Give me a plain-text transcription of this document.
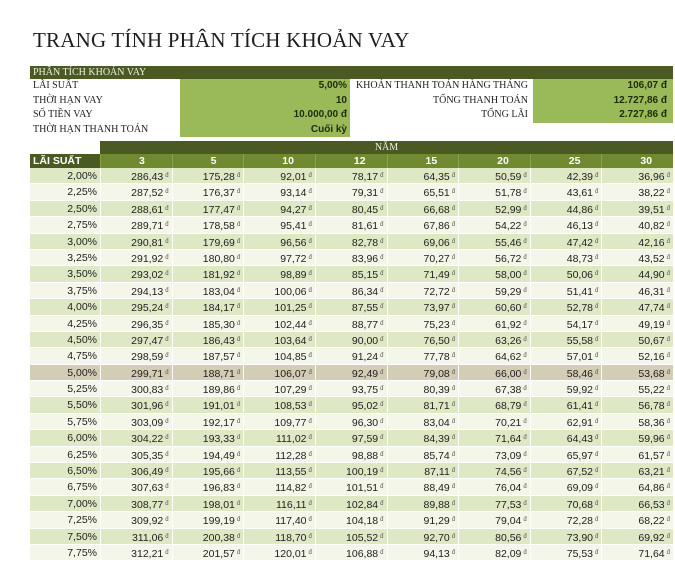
TRANG TÍNH PHÂN TÍCH KHOẢN VAY
PHÂN TÍCH KHOẢN VAY
LÃI SUẤT	5,00% KHOẢN THANH TOÁN HÀNG THÁNG	106,07 đ
THỜI HẠN VAY	10	TỔNG THANH TOÁN	12.727,86 đ
SỐ TIỀN VAY	10.000,00 đ	TỔNG LÃI	2.727,86 đ
THỜI HẠN THANH TOÁN	Cuối kỳ
NĂM
LÃI SUẤT	3	5	10	12	15	20	25	30
2,00%	286,43 $^đ$	175,28 $^đ$	92,01 $^đ$	78,17 $^đ$	64,35 $^đ$	50,59 $^đ$	42,39 $^đ$	36,96 $^đ$
2,25%	287,52 $^đ$	176,37 $^đ$	93,14 $^đ$	79,31 $^đ$	65,51 $^đ$	51,78 $^đ$	43,61 $^đ$	38,22 $^đ$
2,50%	288,61 $^đ$	177,47 $^đ$	94,27 $^đ$	80,45 $^đ$	66,68 $^đ$	52,99 $^đ$	44,86 $^đ$	39,51 $^đ$
2,75%	289,71 $^đ$	178,58 $^đ$	95,41 $^đ$	81,61 $^đ$	67,86 $^đ$	54,22 $^đ$	46,13 $^đ$	40,82 $^đ$
3,00%	290,81 $^đ$	179,69 $^đ$	96,56 $^đ$	82,78 $^đ$	69,06 $^đ$	55,46 $^đ$	47,42 $^đ$	42,16 $^đ$
3,25%	291,92 $^đ$	180,80 $^đ$	97,72 $^đ$	83,96 $^đ$	70,27 $^đ$	56,72 $^đ$	48,73 $^đ$	43,52 $^đ$
3,50%	293,02 $^đ$	181,92 $^đ$	98,89 $^đ$	85,15 $^đ$	71,49 $^đ$	58,00 $^đ$	50,06 $^đ$	44,90 $^đ$
3,75%	294,13 $^đ$	183,04 $^đ$	100,06 $^đ$	86,34 $^đ$	72,72 $^đ$	59,29 $^đ$	51,41 $^đ$	46,31 $^đ$
4,00%	295,24 $^đ$	184,17 $^đ$	101,25 $^đ$	87,55 $^đ$	73,97 $^đ$	60,60 $^đ$	52,78 $^đ$	47,74 $^đ$
4,25%	296,35 $^đ$	185,30 $^đ$	102,44 $^đ$	88,77 $^đ$	75,23 $^đ$	61,92 $^đ$	54,17 $^đ$	49,19 $^đ$
4,50%	297,47 $^đ$	186,43 $^đ$	103,64 $^đ$	90,00 $^đ$	76,50 $^đ$	63,26 $^đ$	55,58 $^đ$	50,67 $^đ$
4,75%	298,59 $^đ$	187,57 $^đ$	104,85 $^đ$	91,24 $^đ$	77,78 $^đ$	64,62 $^đ$	57,01 $^đ$	52,16 $^đ$
5,00%	299,71 $^đ$	188,71 $^đ$	106,07 $^đ$	92,49 $^đ$	79,08 $^đ$	66,00 $^đ$	58,46 $^đ$	53,68 $^đ$
5,25%	300,83 $^đ$	189,86 $^đ$	107,29 $^đ$	93,75 $^đ$	80,39 $^đ$	67,38 $^đ$	59,92 $^đ$	55,22 $^đ$
5,50%	301,96 $^đ$	191,01 $^đ$	108,53 $^đ$	95,02 $^đ$	81,71 $^đ$	68,79 $^đ$	61,41 $^đ$	56,78 $^đ$
5,75%	303,09 $^đ$	192,17 $^đ$	109,77 $^đ$	96,30 $^đ$	83,04 $^đ$	70,21 $^đ$	62,91 $^đ$	58,36 $^đ$
6,00%	304,22 $^đ$	193,33 $^đ$	111,02 $^đ$	97,59 $^đ$	84,39 $^đ$	71,64 $^đ$	64,43 $^đ$	59,96 $^đ$
6,25%	305,35 $^đ$	194,49 $^đ$	112,28 $^đ$	98,88 $^đ$	85,74 $^đ$	73,09 $^đ$	65,97 $^đ$	61,57 $^đ$
6,50%	306,49 $^đ$	195,66 $^đ$	113,55 $^đ$	100,19 $^đ$	87,11 $^đ$	74,56 $^đ$	67,52 $^đ$	63,21 $^đ$
6,75%	307,63 $^đ$	196,83 $^đ$	114,82 $^đ$	101,51 $^đ$	88,49 $^đ$	76,04 $^đ$	69,09 $^đ$	64,86 $^đ$
7,00%	308,77 $^đ$	198,01 $^đ$	116,11 $^đ$	102,84 $^đ$	89,88 $^đ$	77,53 $^đ$	70,68 $^đ$	66,53 $^đ$
7,25%	309,92 $^đ$	199,19 $^đ$	117,40 $^đ$	104,18 $^đ$	91,29 $^đ$	79,04 $^đ$	72,28 $^đ$	68,22 $^đ$
7,50%	311,06 $^đ$	200,38 $^đ$	118,70 $^đ$	105,52 $^đ$	92,70 $^đ$	80,56 $^đ$	73,90 $^đ$	69,92 $^đ$
7,75%	312,21 $^đ$	201,57 $^đ$	120,01 $^đ$	106,88 $^đ$	94,13 $^đ$	82,09 $^đ$	75,53 $^đ$	71,64 $^đ$
